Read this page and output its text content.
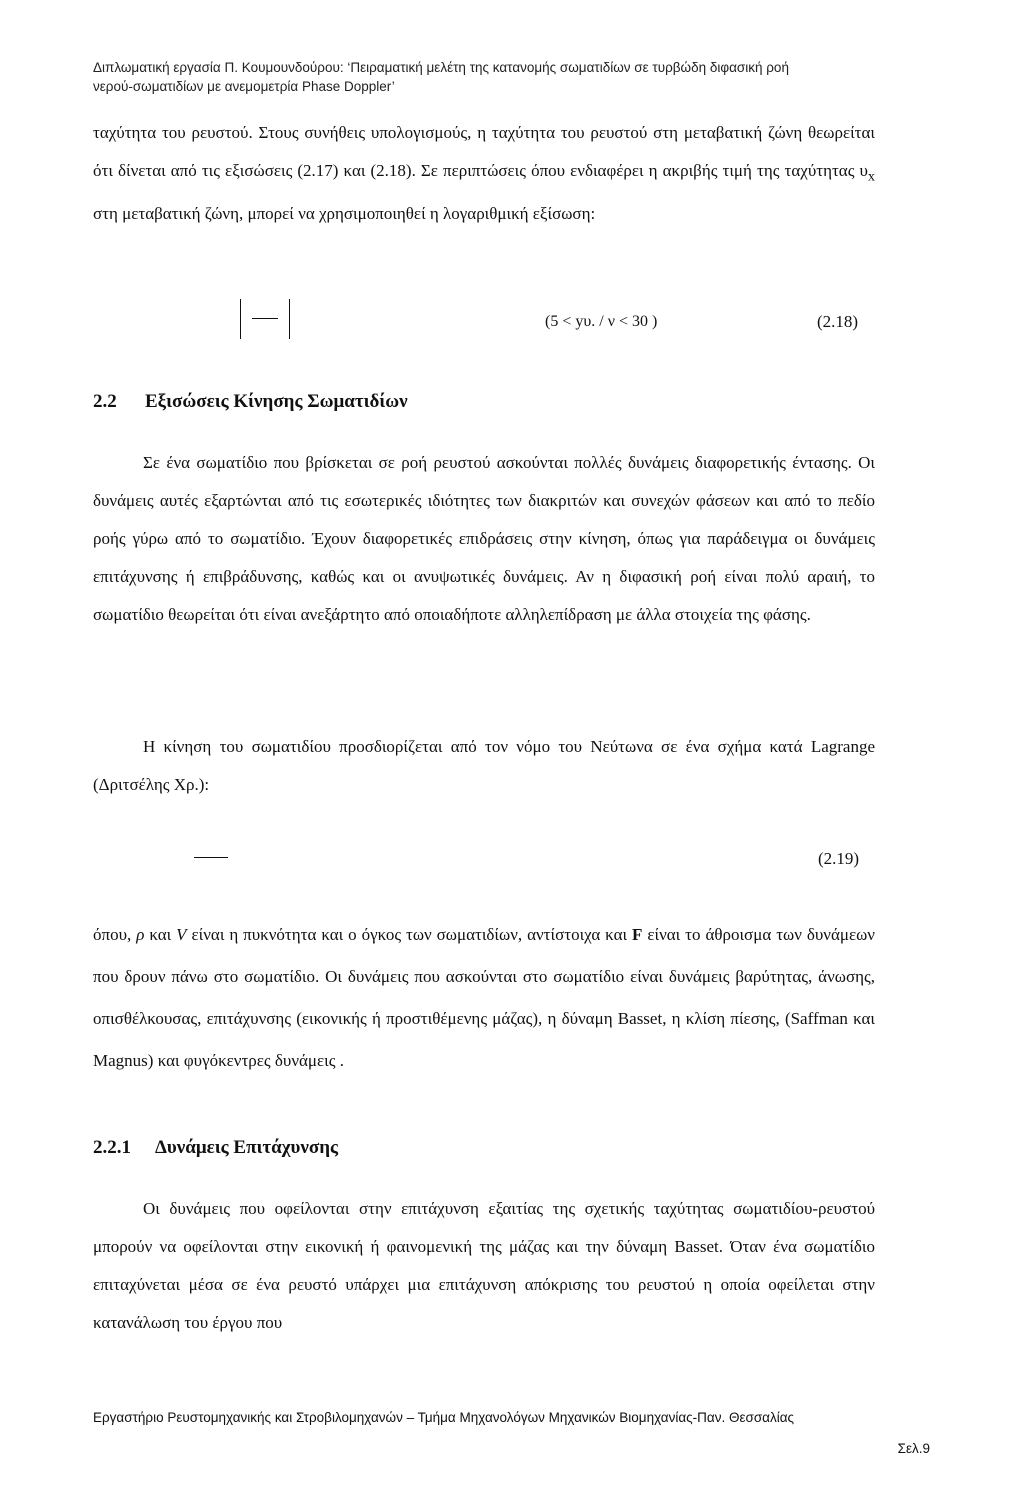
Διπλωματική εργασία Π. Κουμουνδούρου: ‘Πειραματική μελέτη της κατανομής σωματιδίων σε τυρβώδη διφασική ροή
νερού-σωματιδίων με ανεμομετρία Phase Doppler’

ταχύτητα του ρευστού. Στους συνήθεις υπολογισμούς, η ταχύτητα του ρευστού στη μεταβατική ζώνη θεωρείται ότι δίνεται από τις εξισώσεις (2.17) και (2.18). Σε περιπτώσεις όπου ενδιαφέρει η ακριβής τιμή της ταχύτητας $\upsilon_x$ στη μεταβατική ζώνη, μπορεί να χρησιμοποιηθεί η λογαριθμική εξίσωση:

(5 < yυ. / ν < 30 )	(2.18)
2.2 Εξισώσεις Κίνησης Σωματιδίων

Σε ένα σωματίδιο που βρίσκεται σε ροή ρευστού ασκούνται πολλές δυνάμεις διαφορετικής έντασης. Οι δυνάμεις αυτές εξαρτώνται από τις εσωτερικές ιδιότητες των διακριτών και συνεχών φάσεων και από το πεδίο ροής γύρω από το σωματίδιο. Έχουν διαφορετικές επιδράσεις στην κίνηση, όπως για παράδειγμα οι δυνάμεις επιτάχυνσης ή επιβράδυνσης, καθώς και οι ανυψωτικές δυνάμεις. Αν η διφασική ροή είναι πολύ αραιή, το σωματίδιο θεωρείται ότι είναι ανεξάρτητο από οποιαδήποτε αλληλεπίδραση με άλλα στοιχεία της φάσης.

Η κίνηση του σωματιδίου προσδιορίζεται από τον νόμο του Νεύτωνα σε ένα σχήμα κατά Lagrange (Δριτσέλης Χρ.):

(2.19)

όπου, ρ και V είναι η πυκνότητα και ο όγκος των σωματιδίων, αντίστοιχα και F είναι το άθροισμα των δυνάμεων που δρουν πάνω στο σωματίδιο. Οι δυνάμεις που ασκούνται στο σωματίδιο είναι δυνάμεις βαρύτητας, άνωσης, οπισθέλκουσας, επιτάχυνσης (εικονικής ή προστιθέμενης μάζας), η δύναμη Basset, η κλίση πίεσης, (Saffman και Magnus) και φυγόκεντρες δυνάμεις .

2.2.1 Δυνάμεις Επιτάχυνσης

Οι δυνάμεις που οφείλονται στην επιτάχυνση εξαιτίας της σχετικής ταχύτητας σωματιδίου-ρευστού μπορούν να οφείλονται στην εικονική ή φαινομενική της μάζας και την δύναμη Basset. Όταν ένα σωματίδιο επιταχύνεται μέσα σε ένα ρευστό υπάρχει μια επιτάχυνση απόκρισης του ρευστού η οποία οφείλεται στην κατανάλωση του έργου που

Εργαστήριο Ρευστομηχανικής και Στροβιλομηχανών – Τμήμα Μηχανολόγων Μηχανικών Βιομηχανίας-Παν. Θεσσαλίας
Σελ.9
